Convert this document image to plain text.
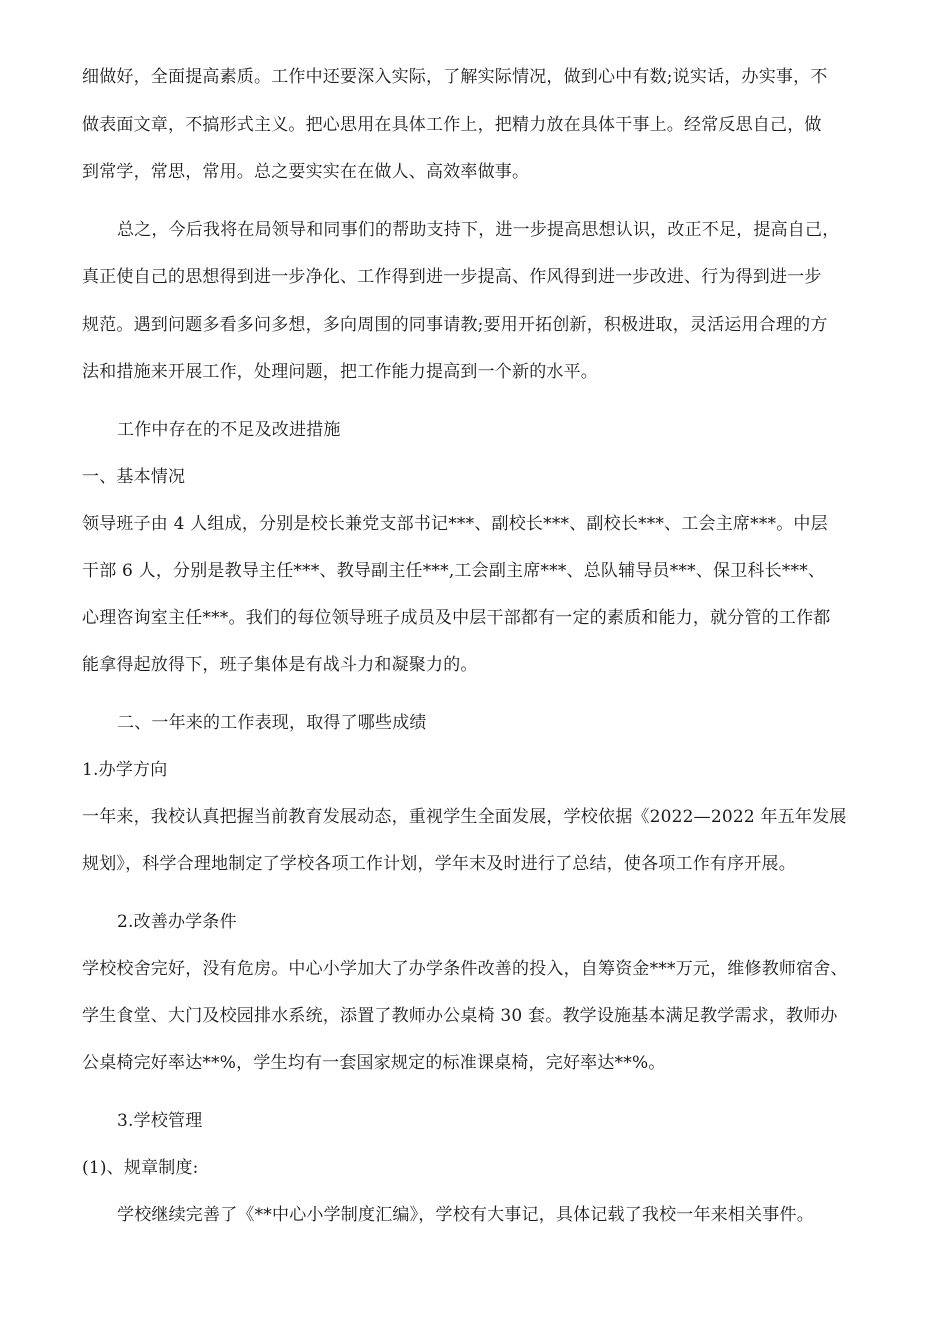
细做好，全面提高素质。工作中还要深入实际，了解实际情况，做到心中有数;说实话，办实事，不
做表面文章，不搞形式主义。把心思用在具体工作上，把精力放在具体干事上。经常反思自己，做
到常学，常思，常用。总之要实实在在做人、高效率做事。
总之，今后我将在局领导和同事们的帮助支持下，进一步提高思想认识，改正不足，提高自己，
真正使自己的思想得到进一步净化、工作得到进一步提高、作风得到进一步改进、行为得到进一步
规范。遇到问题多看多问多想，多向周围的同事请教;要用开拓创新，积极进取，灵活运用合理的方
法和措施来开展工作，处理问题，把工作能力提高到一个新的水平。
工作中存在的不足及改进措施
一、基本情况
领导班子由 4 人组成，分别是校长兼党支部书记***、副校长***、副校长***、工会主席***。中层
干部 6 人，分别是教导主任***、教导副主任***,工会副主席***、总队辅导员***、保卫科长***、
心理咨询室主任***。我们的每位领导班子成员及中层干部都有一定的素质和能力，就分管的工作都
能拿得起放得下，班子集体是有战斗力和凝聚力的。
二、一年来的工作表现，取得了哪些成绩
1.办学方向
一年来，我校认真把握当前教育发展动态，重视学生全面发展，学校依据《2022—2022 年五年发展
规划》，科学合理地制定了学校各项工作计划，学年末及时进行了总结，使各项工作有序开展。
2.改善办学条件
学校校舍完好，没有危房。中心小学加大了办学条件改善的投入，自筹资金***万元，维修教师宿舍、
学生食堂、大门及校园排水系统，添置了教师办公桌椅 30 套。教学设施基本满足教学需求，教师办
公桌椅完好率达**%，学生均有一套国家规定的标准课桌椅，完好率达**%。
3.学校管理
(1)、规章制度:
学校继续完善了《**中心小学制度汇编》，学校有大事记，具体记载了我校一年来相关事件。
